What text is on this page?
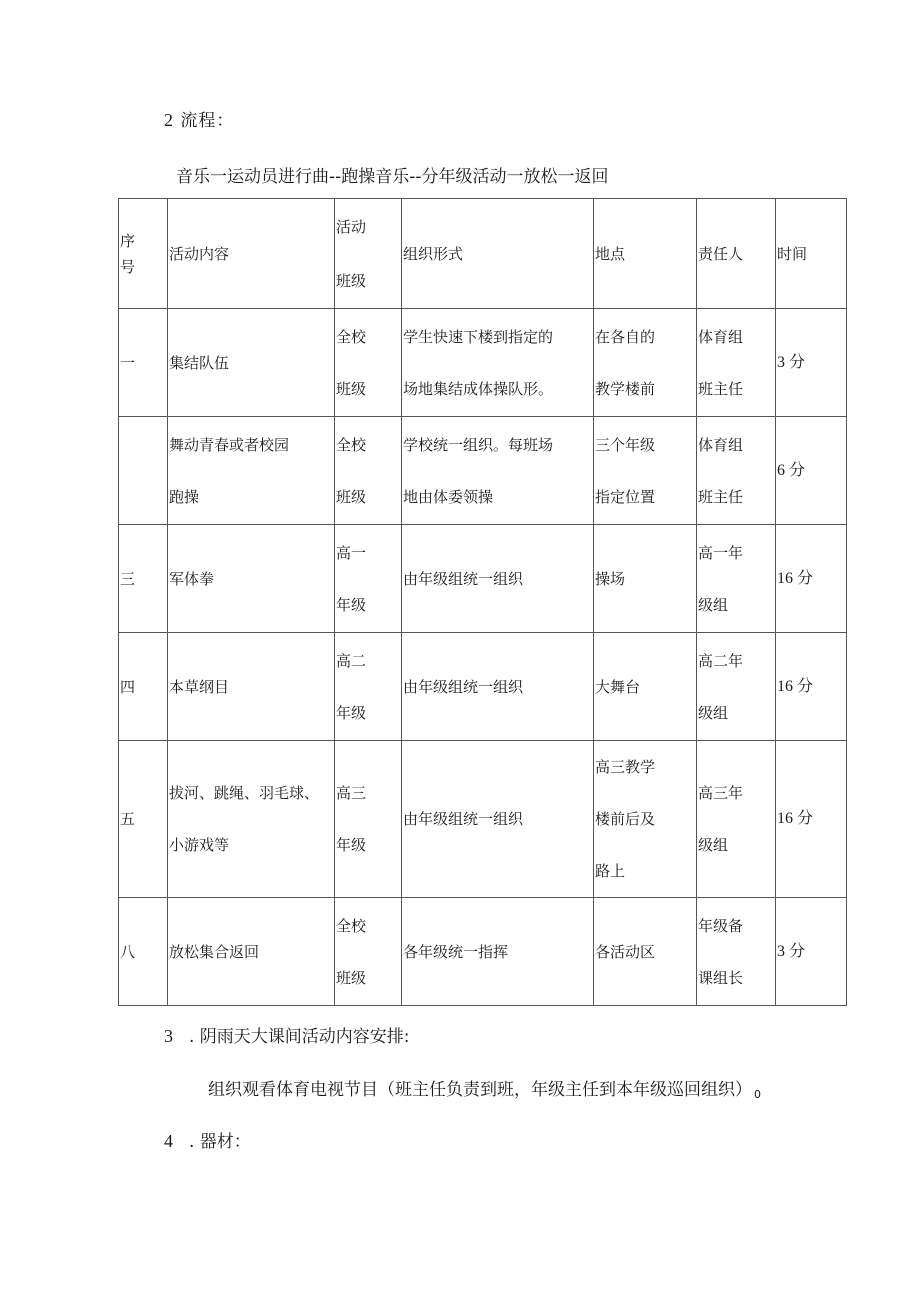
2 流程：
音乐一运动员进行曲--跑操音乐--分年级活动一放松一返回
序
号	活动内容	活动
班级	组织形式	地点	责任人	时间

一	集结队伍	全校
班级	学生快速下楼到指定的
场地集结成体操队形。	在各自的
教学楼前	体育组
班主任	3 分

	舞动青春或者校园
跑操	全校
班级	学校统一组织。每班场
地由体委领操	三个年级
指定位置	体育组
班主任	6 分

三	军体拳	高一
年级	由年级组统一组织	操场	高一年
级组	16 分

四	本草纲目	高二
年级	由年级组统一组织	大舞台	高二年
级组	16 分

五	拔河、跳绳、羽毛球、
小游戏等	高三
年级	由年级组统一组织	高三教学
楼前后及
路上	高三年
级组	16 分

八	放松集合返回	全校
班级	各年级统一指挥	各活动区	年级备
课组长	3 分
3 . 阴雨天大课间活动内容安排:
组织观看体育电视节目（班主任负责到班，年级主任到本年级巡回组织） 0
4 . 器材：
